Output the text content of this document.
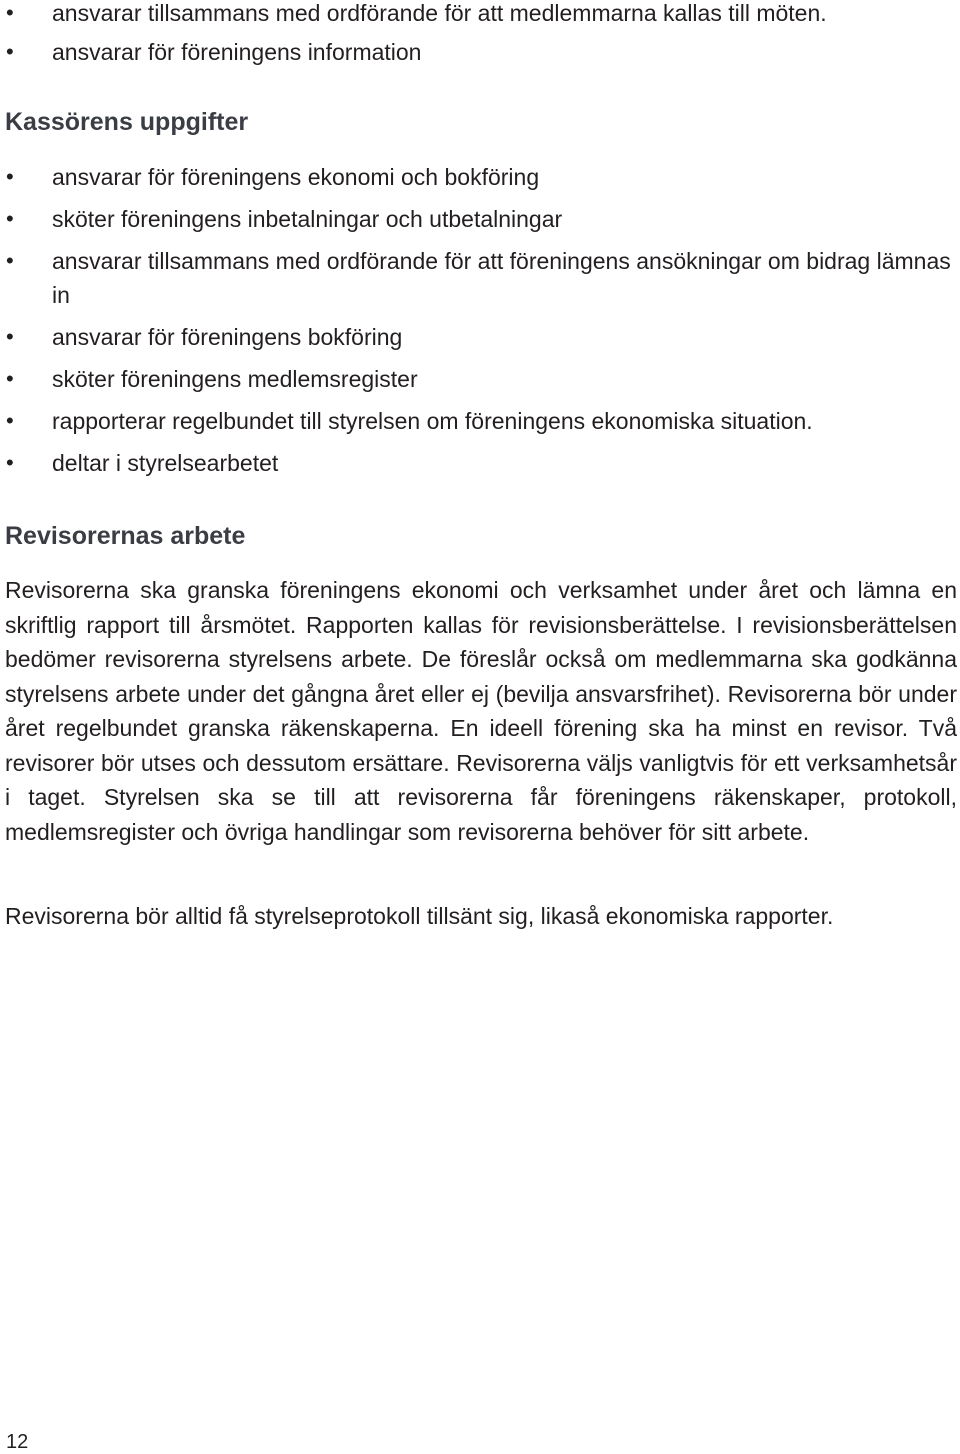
• ansvarar tillsammans med ordförande för att medlemmarna kallas till möten.
• ansvarar för föreningens information
Kassörens uppgifter
• ansvarar för föreningens ekonomi och bokföring
• sköter föreningens inbetalningar och utbetalningar
• ansvarar tillsammans med ordförande för att föreningens ansökningar om bidrag lämnas in
• ansvarar för föreningens bokföring
• sköter föreningens medlemsregister
• rapporterar regelbundet till styrelsen om föreningens ekonomiska situation.
• deltar i styrelsearbetet
Revisorernas arbete

Revisorerna ska granska föreningens ekonomi och verksamhet under året och lämna en skriftlig rapport till årsmötet. Rapporten kallas för revisionsberättelse. I revisionsberättelsen bedömer revisorerna styrelsens arbete. De föreslår också om medlemmarna ska godkänna styrelsens arbete under det gångna året eller ej (bevilja ansvarsfrihet). Revisorerna bör under året regelbundet granska räkenskaperna. En ideell förening ska ha minst en revisor. Två revisorer bör utses och dessutom ersättare. Revisorerna väljs vanligtvis för ett verksamhetsår i taget. Styrelsen ska se till att revisorerna får föreningens räkenskaper, protokoll, medlemsregister och övriga handlingar som revisorerna behöver för sitt arbete.

Revisorerna bör alltid få styrelseprotokoll tillsänt sig, likaså ekonomiska rapporter.

12
